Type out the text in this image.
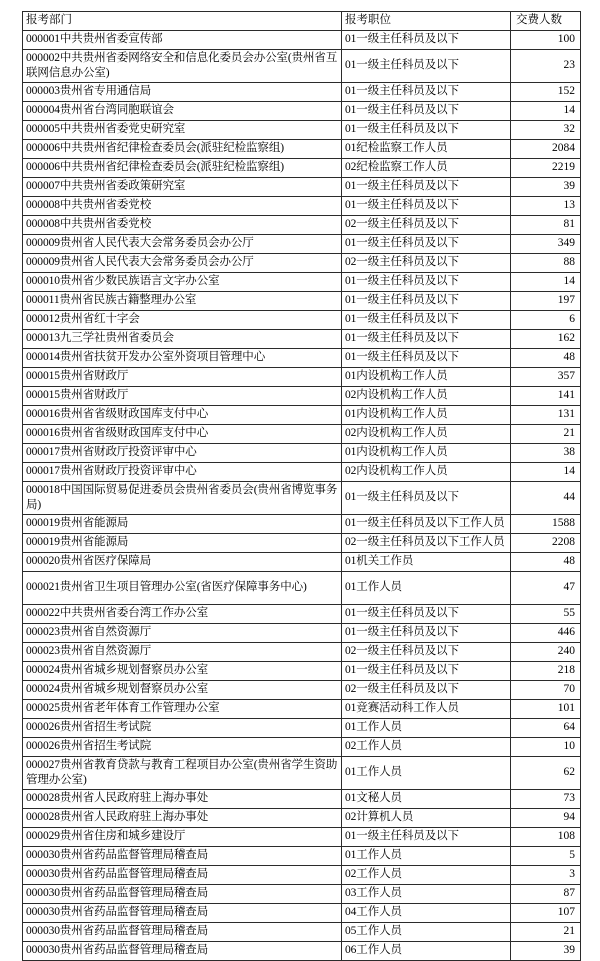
报考部门	报考职位	交费人数
000001中共贵州省委宣传部	01一级主任科员及以下	100
000002中共贵州省委网络安全和信息化委员会办公室(贵州省互联网信息办公室)	01一级主任科员及以下	23
000003贵州省专用通信局	01一级主任科员及以下	152
000004贵州省台湾同胞联谊会	01一级主任科员及以下	14
000005中共贵州省委党史研究室	01一级主任科员及以下	32
000006中共贵州省纪律检查委员会(派驻纪检监察组)	01纪检监察工作人员	2084
000006中共贵州省纪律检查委员会(派驻纪检监察组)	02纪检监察工作人员	2219
000007中共贵州省委政策研究室	01一级主任科员及以下	39
000008中共贵州省委党校	01一级主任科员及以下	13
000008中共贵州省委党校	02一级主任科员及以下	81
000009贵州省人民代表大会常务委员会办公厅	01一级主任科员及以下	349
000009贵州省人民代表大会常务委员会办公厅	02一级主任科员及以下	88
000010贵州省少数民族语言文字办公室	01一级主任科员及以下	14
000011贵州省民族古籍整理办公室	01一级主任科员及以下	197
000012贵州省红十字会	01一级主任科员及以下	6
000013九三学社贵州省委员会	01一级主任科员及以下	162
000014贵州省扶贫开发办公室外资项目管理中心	01一级主任科员及以下	48
000015贵州省财政厅	01内设机构工作人员	357
000015贵州省财政厅	02内设机构工作人员	141
000016贵州省省级财政国库支付中心	01内设机构工作人员	131
000016贵州省省级财政国库支付中心	02内设机构工作人员	21
000017贵州省财政厅投资评审中心	01内设机构工作人员	38
000017贵州省财政厅投资评审中心	02内设机构工作人员	14
000018中国国际贸易促进委员会贵州省委员会(贵州省博览事务局)	01一级主任科员及以下	44
000019贵州省能源局	01一级主任科员及以下工作人员	1588
000019贵州省能源局	02一级主任科员及以下工作人员	2208
000020贵州省医疗保障局	01机关工作员	48
000021贵州省卫生项目管理办公室(省医疗保障事务中心)	01工作人员	47
000022中共贵州省委台湾工作办公室	01一级主任科员及以下	55
000023贵州省自然资源厅	01一级主任科员及以下	446
000023贵州省自然资源厅	02一级主任科员及以下	240
000024贵州省城乡规划督察员办公室	01一级主任科员及以下	218
000024贵州省城乡规划督察员办公室	02一级主任科员及以下	70
000025贵州省老年体育工作管理办公室	01竞赛活动科工作人员	101
000026贵州省招生考试院	01工作人员	64
000026贵州省招生考试院	02工作人员	10
000027贵州省教育贷款与教育工程项目办公室(贵州省学生资助管理办公室)	01工作人员	62
000028贵州省人民政府驻上海办事处	01文秘人员	73
000028贵州省人民政府驻上海办事处	02计算机人员	94
000029贵州省住房和城乡建设厅	01一级主任科员及以下	108
000030贵州省药品监督管理局稽查局	01工作人员	5
000030贵州省药品监督管理局稽查局	02工作人员	3
000030贵州省药品监督管理局稽查局	03工作人员	87
000030贵州省药品监督管理局稽查局	04工作人员	107
000030贵州省药品监督管理局稽查局	05工作人员	21
000030贵州省药品监督管理局稽查局	06工作人员	39
